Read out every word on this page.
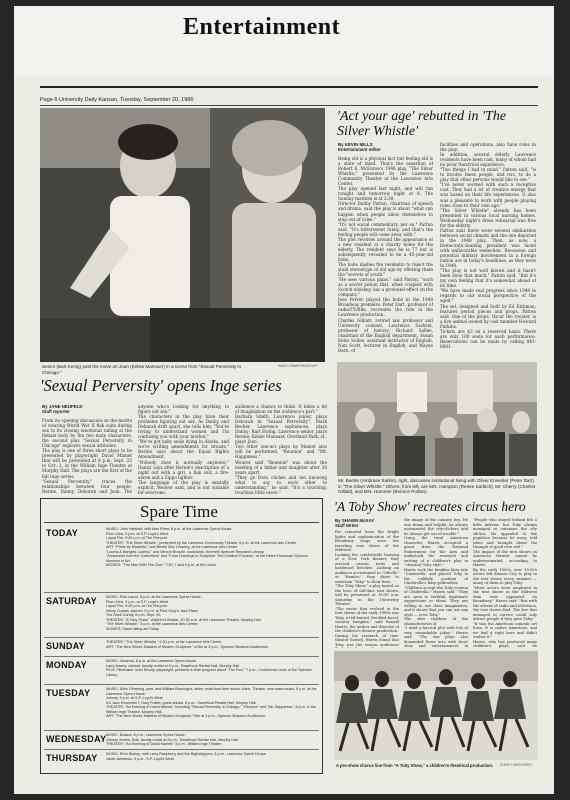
Entertainment
Page 6 University Daily Kansan, Tuesday, September 20, 1986
Senior (Bart Kenig) puts the move on Joan (Kelsie Mansuer) in a scene from "Sexual Perversity in Chicago."
DAVID CRAWFORD/STAFF
'Sexual Perversity' opens Inge series
By JANE NEUFELD
Staff reporter
From its opening discussion on the merits of wearing World War II flak suits during sex to its closing emotional railing at the female body by the two male characters, the second play "Sexual Perversity in Chicago" explores sexual attitudes.
The play is one of three short plays to be presented by playwright David Mamet that will be presented at 8 p.m. Sept. 22 to Oct. 2, in the William Inge Theatre at Murphy Hall. The plays are the first of the fall Inge series.
"Sexual Perversity," traces the relationships between four people, Bernie, Danny, Deborah and Joan. The

anyone who's looking for anything to figure out sex."
The characters in the play have their problems figuring out sex. As Danny and Deborah drift apart, she tells him, "You're trying to understand women and I'm confusing you with your mother."
"We've got baby seals dying in Alaska, and we're writing amendments for broads," Bernie says about the Equal Rights Amendment.
"Nobody does it normally anymore," Danny says after Bernie's description of a night out with a girl, a flak suit, a fire-alarm and a Zippo lighter.
The language of the play is sexually explicit, Weaver said, and is not suitable for everyone.

audience a chance to think. It takes a lot of imagination on the audience's part."
Barbara Smith, Lawrence junior, plays Deborah in "Sexual Perversity"; Mark Becker, Lawrence sophomore, plays Danny; Bart Ewing, Lawrence senior, plays Bernie; Kelsie Mansuer, Overland Park, sr., plays Joan.
Two other one-act plays by Mamet also will be performed, "Reunion" and "Mr. Happiness."
Weaver said "Reunion" was about the meeting of a father and daughter after 20 years apart.
"They go from clichés and not knowing what to say to each other to understanding," he said. "It's a touching, touching little piece."

'Act your age' rebutted in 'The Silver Whistle'
By KEVIN MILLS
Entertainment editor
Being old is a physical fact but feeling old is a state of mind. That's the assertion of Robert E. McEnroe's 1948 play, "The Silver Whistle," presented by the Lawrence Community Theatre at the Lawrence Arts Center.
The play opened last night, and will run tonight and tomorrow night at 8. The Sunday matinee is at 2:30.
Director Bobby Patton, chairman of speech and drama, said the play is about "what can happen when people allow themselves to step out of roles."
"It's not social commentary, per se," Patton said. "It's bittersweet funny, and that's the feeling people will come away with."
The plot revolves around the appearance of a new resident at a charity home for the elderly. The resident says he is 77 but is subsequently revealed to be a 45-year-old hobo.
The hobo dashes the residents to reject the staid stereotype of old age by offering them the "secrets of youth."
"He sees various plans," said Patton, "such as a secret potion that, when coupled with Scotch whiskey, has a profound effect on the company."
Jose Ferrer played the hobo in the 1948 Broadway premiere. Peter Dart, professor of radio/TV/film, recreates the role in the Lawrence production.
Charles Gilliatt, retired law professor and University counsel, Lawrence Sackrin, professor of history; Richard Sallee, chairman of the English department, Susan Kelso Sollee, assistant instructor of English, Nan Scott, lecturer in English, and Wayne Dern, of
facilities and operations, also have roles in the play.
In addition, several elderly Lawrence residents have been cast, many of whom had no prior theatrical experience.
"Two things I had in mind," Patton said, "is to involve these people, and two, to do a play that other persons would like to see."
"I've never worked with such a receptive cast. They had a lot of creative energy that was based on their life experiences. It also was a pleasure to work with people playing roles close to their own age."
"The Silver Whistle" already has been presented in various local nursing homes. Wednesday night's dress rehearsal was free for the elderly.
Patton said there were several similarities between social climate and the one depicted in the 1948 play. Then, as now, a Democratic-leaning president was faced with unfavorable reelection. Recession and potential military involvement in a foreign nation are in today's headlines, as they were in 1948.
"The play is not well known and it hasn't been done that much," Patton said. "But it's my own feeling that it's somewhat ahead of its time.
"We have made real progress since 1948 in regards to our social perspective of the aged."
The set, designed and built by Ed Kirkman, features period pieces and props. Patton said. One of the props, Oscar the rooster, is a live animal owned by cast member Howard Parkins.
Tickets are $3 on a reserved basis. There are only 100 seats for each performance. Reservations can be made by calling 843-8601.
Mr. Beebe (Ambrose Sarkin), right, discusses institutional living with Oliver Erwenter (Peter Dart) in "The Silver Whistle." Others, from left, are Mrs. Hampton (Renee Sarbich), Mr. Cherry (Charles Gilliatt), and Mrs. Hammer (Bernice Pollian).
Spare Time
TODAY	MUSIC: John Hartford, with Alan Rhea, 8 p.m. at the Lawrence Opera House.
Plum Jobs, 9 p.m. at S.P. Loyd's West.
Liquid Fire, 9:45 p.m. at The Pierpont.
THEATER: "The Silver Whistle," presented by the Lawrence Community Theatre, 8 p.m. at the Lawrence Arts Center.
ART: "Prints by Students," and Bristol Zinc Drawing, at the Lawrence Arts Center.
"Looms & Bangles: Lutrina," and Vernon Brozzle, sculptures, Kenneth Spencer Research Library.
"Americana from the Collections" and "From Drawings to Sculpture: The Creative Process," at the Helen Foresman Spencer Museum of Art.
MOVIES: "The Man With The Gun," 7:30, 7 and 9 p.m. at the Union.
SATURDAY MUSIC: Rick Lance, 8 p.m. at the Lawrence Opera House.
Plum Jobs, 9 p.m. at S.P. Loyd's West.
Liquid Fire, 9:45 p.m. at The Pierpont.
Henry Cuesta, clarinet, 8 p.m. at Paul Gray's Jazz Place.
The Rock Candy, 8 p.m. Sept. 20.
THEATER: "A Toby Show," children's theater, 10:30 a.m. at the Lawrence Theatre, Murphy Hall.
"The Silver Whistle," 8 p.m. at the Lawrence Arts Center.
MOVIES: Same listing as Friday.
SUNDAY	THEATER: "The Silver Whistle," 2:30 p.m. at the Lawrence Arts Center.
ART: "The New World: Masters of Modern Sculpture," a film at 3 p.m., Spencer Museum Auditorium.
MONDAY	MUSIC: Ulrianna, 8 p.m. at the Lawrence Opera House.
Larry Maxey, clarinet, faculty recital at 8 p.m., Swarthout Recital Hall, Murphy Hall.
FILM: Filmmaker John Moody, playwright, presents a slide program about "The Foci," 7 p.m., Conference room of the Spencer Library.
TUESDAY	MUSIC: Allen Ginsberg, poet, and William Burroughs, writer, read from their works, Kans. Theatre, new wave music, 8 p.m. at the Lawrence Opera House.
Johnny, 9 p.m. at S.P. Loyd's West.
KU Jazz Ensemble I, Gary Foster, guest soloist, 8 p.m., Swarthout Recital Hall, Murphy Hall.
THEATER: "An Evening of David Mamet," including "Sexual Perversity in Chicago," "Reunion" and "Mr. Happiness," 8 p.m. in the William Inge Theatre, Murphy Hall.
ART: "The New World: Masters of Modern Sculpture," film at 3 p.m., Spencer Museum Auditorium.
WEDNESDAY MUSIC: Boland, 8 p.m., Lawrence Opera House.
Johnny Jumes, flute, faculty recital at 8 p.m., Swarthout Recital Hall, Murphy Hall.
THEATER: "An Evening of David Mamet," 8 p.m., William Inge Theatre.
THURSDAY MUSIC: Elvin Bishop, with Larry Raspberry and the Highsteppers, 8 p.m., Lawrence Opera House.
Janet Jamieson, 9 p.m., S.P. Loyd's West.
'A Toby Show' recreates circus hero
By SHAWN McKAY
Staff Writer
Far removed from the bright lights and sophistication of the Broadway stage were the traveling tent shows of the Midwest.
Lacking the comfortable housing of a New York theater, they erected canvas tents and hardwood benches. Lacking an audience accustomed to "Othello" or "Hamlet," they chose to entertain "Toby" to their hero.
"The Toby Show," a play based on the hero of old-time tent shows, will be presented at 10:30 a.m. Saturday in the University Theatre.
"The rustic that evolved in the tent shows of the early 1900s was Toby, a red-haired, freckled-faced, country bumpkin," said Ronald Harris, the author and director of the children's theater production.
During his research of tent-theater history, Harris found that Toby was the reason audiences

the image of the country boy. He was funny and helpful, he always outsmarted the city-slickers and he always got out of trouble."
Using the rural American character, Harris accepted a grant from the National Endowment for the Arts and undertook the research and writing of a children's play in "classical Toby style."
Harris took the familiar fairy tale "Cinderella" and placed Toby in the unlikely position of Cinderella's fairy godmother.
"Children accept the Toby version of Cinderella," Harris said. "They are open to truthful, legitimate suggestions or ideas. They are willing to use their imagination, and it shows that you can use any style — even Toby."
The slow rhythms of the characteristics of
"I used a farcical plot with lots of very remarkable jokes," Harris said. "The two plays also demanded three acts with short olios and entertainment in

"People who stayed behind felt a little inferior, but Toby always managed to outsmart the city slicker. He appealed to the populace because he away, told jokes and brought about the triumph of good over evil."
The impact of the tent shows on American theater cannot be underestimated, according to Harris.
By the early 1900s, over 30,000 actors left Kansas City to play in the tent shows every summer — many of them to play Toby.
"More actors were employed in the tent shows in the Midwest than ever appeared on Broadway," Harris said. "But with the advent of radio and television, the tent shows died. The few that managed to survive could only attract people if they gave Toby."
"It was the American comedic art form. It is native American, and we had it right here and didn't realize it."
Harris, who has produced many children's plays, said he

A pre-show chorus line from "A Toby Show," a children's theatrical production.	CHRIS TUREK/STAFF
